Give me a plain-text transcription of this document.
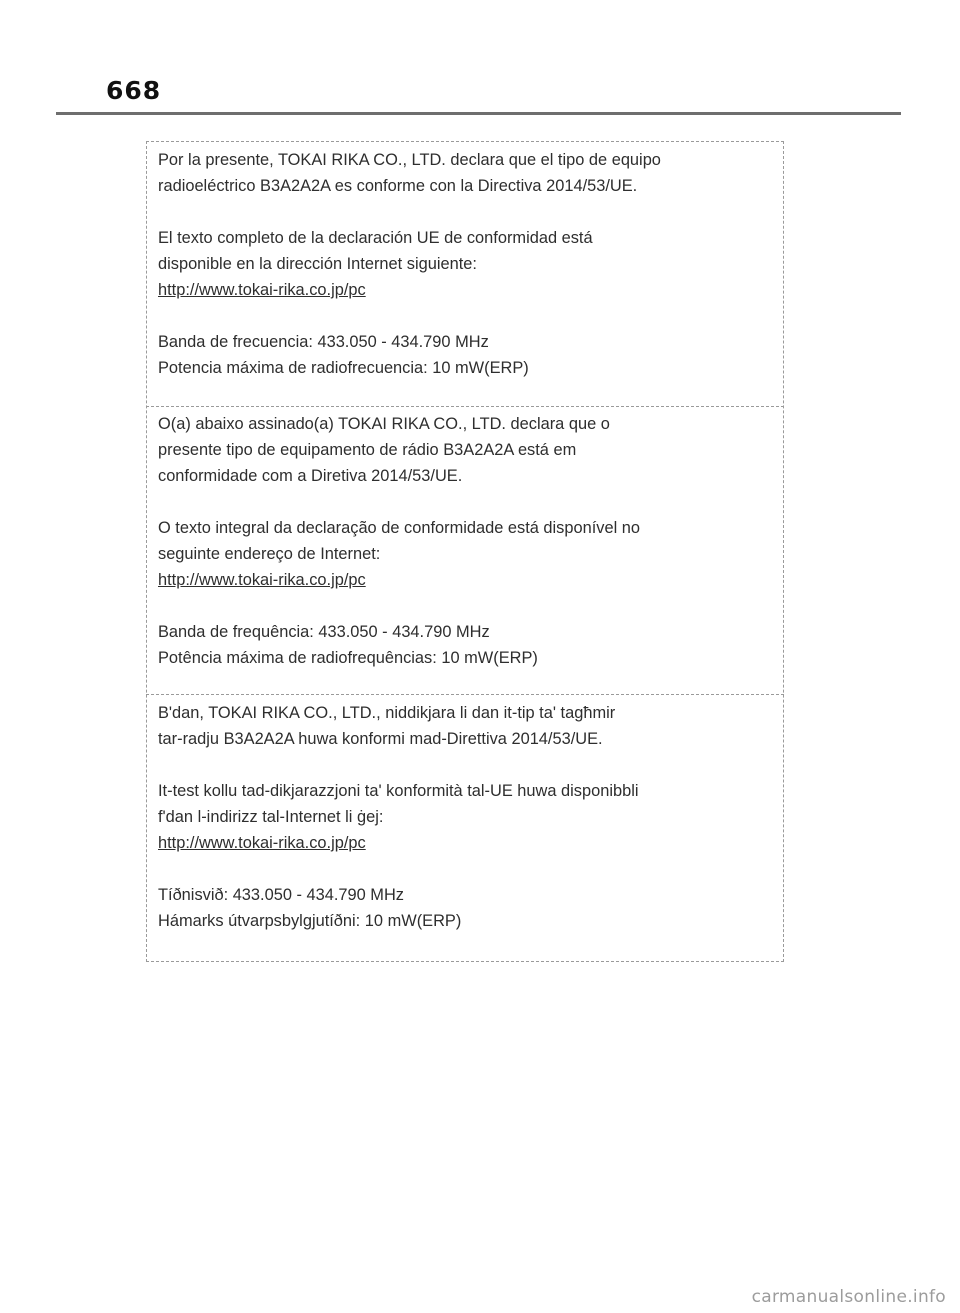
668

Por la presente, TOKAI RIKA CO., LTD. declara que el tipo de equipo

radioeléctrico B3A2A2A es conforme con la Directiva 2014/53/UE.

El texto completo de la declaración UE de conformidad está

disponible en la dirección Internet siguiente:

http://www.tokai-rika.co.jp/pc

Banda de frecuencia: 433.050 - 434.790 MHz

Potencia máxima de radiofrecuencia: 10 mW(ERP)

O(a) abaixo assinado(a) TOKAI RIKA CO., LTD. declara que o

presente tipo de equipamento de rádio B3A2A2A está em

conformidade com a Diretiva 2014/53/UE.

O texto integral da declaração de conformidade está disponível no

seguinte endereço de Internet:

http://www.tokai-rika.co.jp/pc

Banda de frequência: 433.050 - 434.790 MHz

Potência máxima de radiofrequências: 10 mW(ERP)

B'dan, TOKAI RIKA CO., LTD., niddikjara li dan it-tip ta' tagħmir

tar-radju B3A2A2A huwa konformi mad-Direttiva 2014/53/UE.

It-test kollu tad-dikjarazzjoni ta' konformità tal-UE huwa disponibbli

f'dan l-indirizz tal-Internet li ġej:

http://www.tokai-rika.co.jp/pc

Tíðnisvið: 433.050 - 434.790 MHz

Hámarks útvarpsbylgjutíðni: 10 mW(ERP)

carmanualsonline.info
